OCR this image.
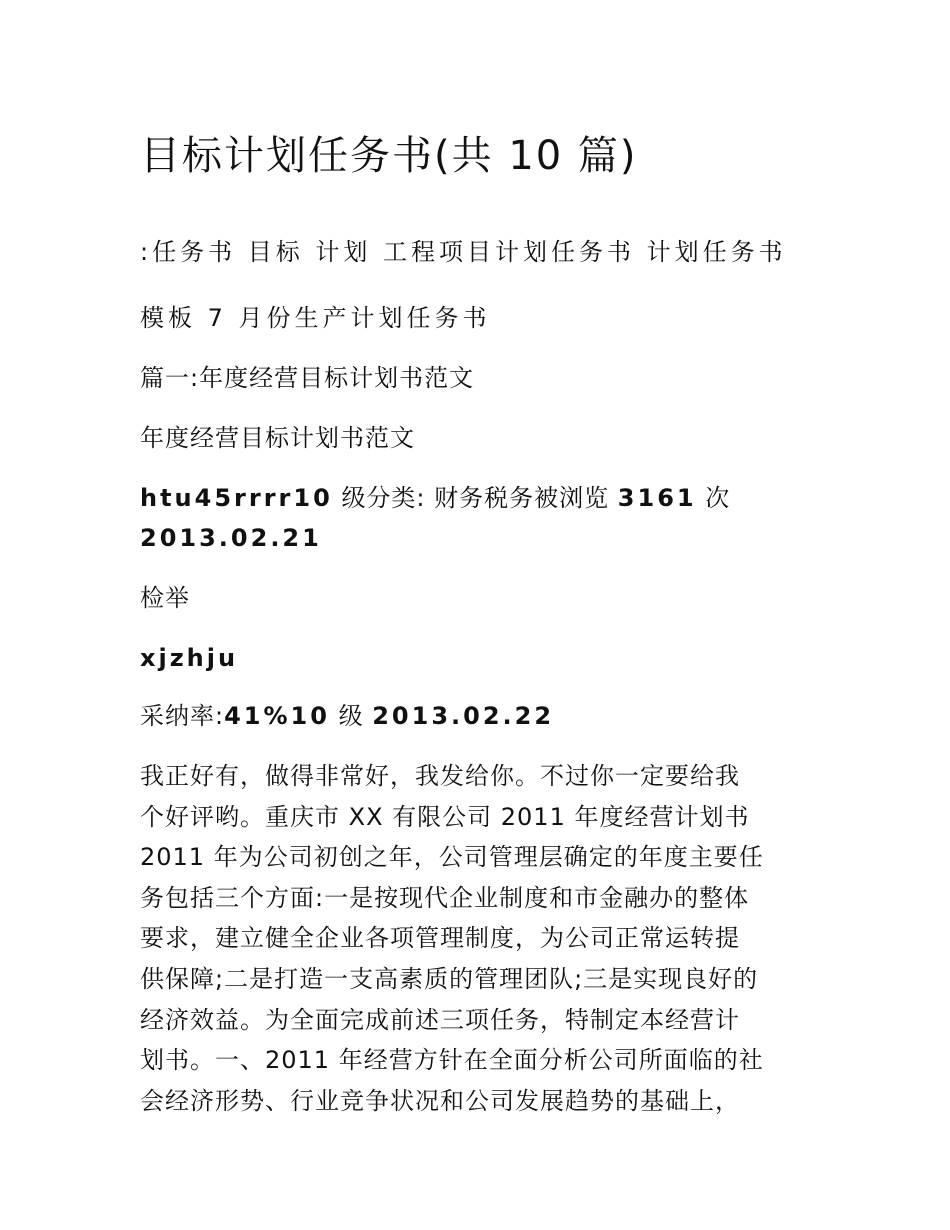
目标计划任务书(共 10 篇)
:任务书 目标 计划 工程项目计划任务书 计划任务书
模板 7 月份生产计划任务书
篇一:年度经营目标计划书范文
年度经营目标计划书范文
htu45rrrr10 级分类: 财务税务被浏览 3161 次
2013.02.21
检举
xjzhju
采纳率:41%10 级 2013.02.22
我正好有，做得非常好，我发给你。不过你一定要给我
个好评哟。重庆市 XX 有限公司 2011 年度经营计划书
2011 年为公司初创之年，公司管理层确定的年度主要任
务包括三个方面:一是按现代企业制度和市金融办的整体
要求，建立健全企业各项管理制度，为公司正常运转提
供保障;二是打造一支高素质的管理团队;三是实现良好的
经济效益。为全面完成前述三项任务，特制定本经营计
划书。一、2011 年经营方针在全面分析公司所面临的社
会经济形势、行业竞争状况和公司发展趋势的基础上，
